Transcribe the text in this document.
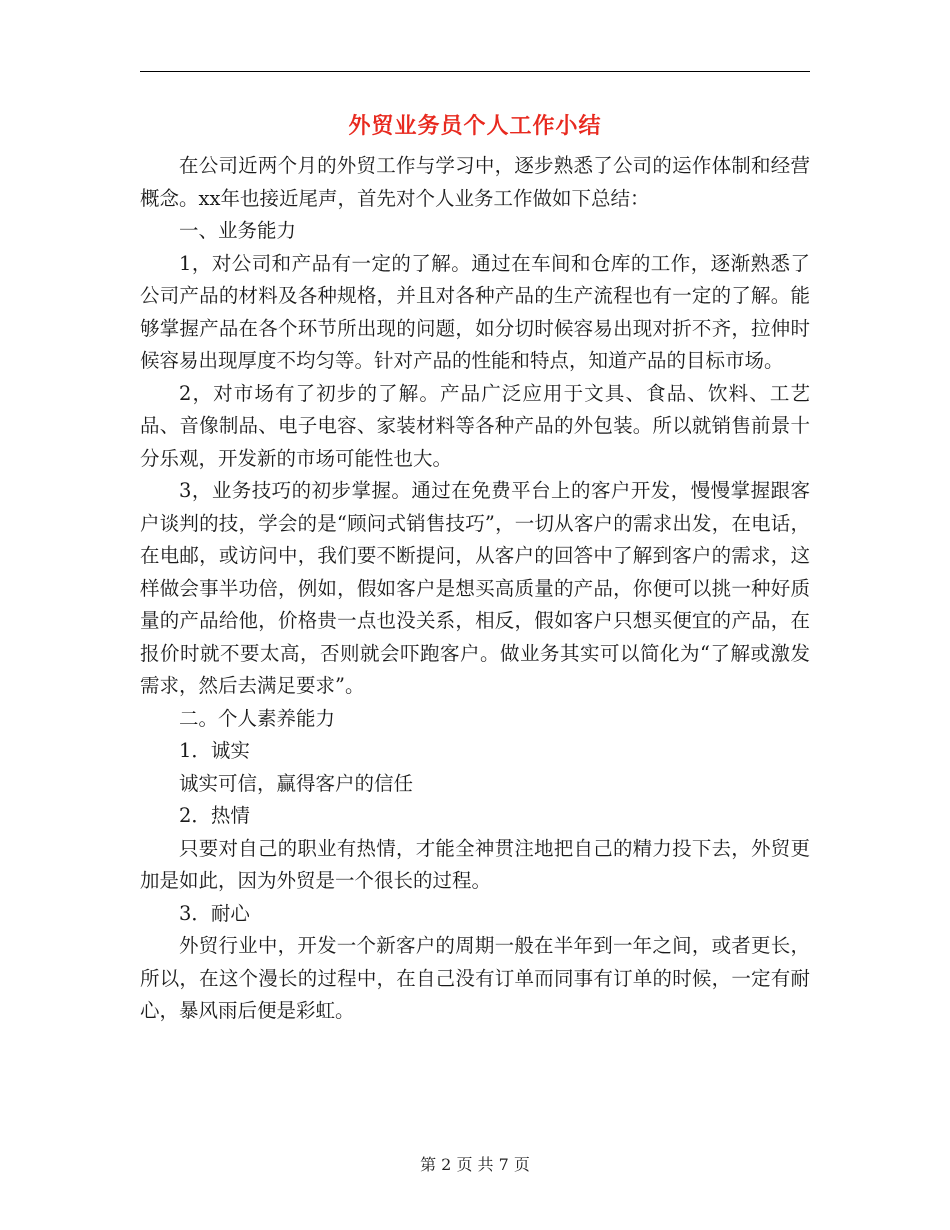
外贸业务员个人工作小结

在公司近两个月的外贸工作与学习中，逐步熟悉了公司的运作体制和经营概念。xx年也接近尾声，首先对个人业务工作做如下总结：

一、业务能力

1，对公司和产品有一定的了解。通过在车间和仓库的工作，逐渐熟悉了公司产品的材料及各种规格，并且对各种产品的生产流程也有一定的了解。能够掌握产品在各个环节所出现的问题，如分切时候容易出现对折不齐，拉伸时候容易出现厚度不均匀等。针对产品的性能和特点，知道产品的目标市场。

2，对市场有了初步的了解。产品广泛应用于文具、食品、饮料、工艺品、音像制品、电子电容、家装材料等各种产品的外包装。所以就销售前景十分乐观，开发新的市场可能性也大。

3，业务技巧的初步掌握。通过在免费平台上的客户开发，慢慢掌握跟客户谈判的技，学会的是“顾问式销售技巧”，一切从客户的需求出发，在电话，在电邮，或访问中，我们要不断提问，从客户的回答中了解到客户的需求，这样做会事半功倍，例如，假如客户是想买高质量的产品，你便可以挑一种好质量的产品给他，价格贵一点也没关系，相反，假如客户只想买便宜的产品，在报价时就不要太高，否则就会吓跑客户。做业务其实可以简化为“了解或激发需求，然后去满足要求”。

二。个人素养能力

1．诚实

诚实可信，赢得客户的信任

2．热情

只要对自己的职业有热情，才能全神贯注地把自己的精力投下去，外贸更加是如此，因为外贸是一个很长的过程。

3．耐心

外贸行业中，开发一个新客户的周期一般在半年到一年之间，或者更长，所以，在这个漫长的过程中，在自己没有订单而同事有订单的时候，一定有耐心，暴风雨后便是彩虹。

第 2 页 共 7 页
